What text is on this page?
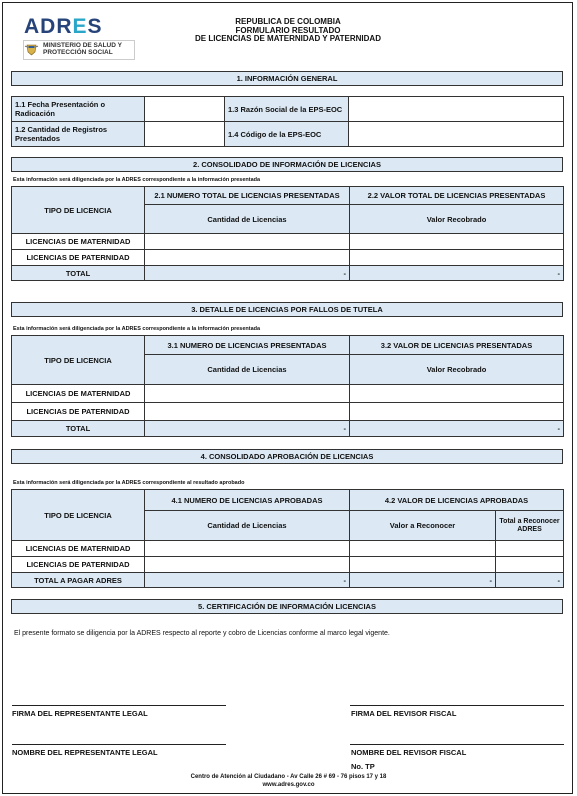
ADRES
MINISTERIO DE SALUD Y
PROTECCIÓN SOCIAL
REPUBLICA DE COLOMBIA
FORMULARIO RESULTADO
DE LICENCIAS DE MATERNIDAD Y PATERNIDAD
1. INFORMACIÓN GENERAL
1.1 Fecha Presentación o Radicación		1.3 Razón Social de la EPS-EOC	
1.2 Cantidad de Registros Presentados		1.4 Código de la EPS-EOC	
2. CONSOLIDADO DE INFORMACIÓN DE LICENCIAS
Esta información será diligenciada por la ADRES correspondiente a la información presentada
TIPO DE LICENCIA	2.1 NUMERO TOTAL DE LICENCIAS PRESENTADAS	2.2 VALOR TOTAL DE LICENCIAS PRESENTADAS
	Cantidad de Licencias	Valor Recobrado
LICENCIAS DE MATERNIDAD		
LICENCIAS DE PATERNIDAD		
TOTAL	-	-
3. DETALLE DE LICENCIAS POR FALLOS DE TUTELA
Esta información será diligenciada por la ADRES correspondiente a la información presentada
TIPO DE LICENCIA	3.1 NUMERO DE LICENCIAS PRESENTADAS	3.2 VALOR DE LICENCIAS PRESENTADAS
	Cantidad de Licencias	Valor Recobrado
LICENCIAS DE MATERNIDAD		
LICENCIAS DE PATERNIDAD		
TOTAL	-	-
4. CONSOLIDADO APROBACIÓN DE LICENCIAS
Esta información será diligenciada por la ADRES correspondiente al resultado aprobado
TIPO DE LICENCIA	4.1 NUMERO DE LICENCIAS APROBADAS	4.2 VALOR DE LICENCIAS APROBADAS	
	Cantidad de Licencias	Valor a Reconocer	Total a Reconocer ADRES
LICENCIAS DE MATERNIDAD			
LICENCIAS DE PATERNIDAD			
TOTAL A PAGAR ADRES	-	-	-
5. CERTIFICACIÓN DE INFORMACIÓN LICENCIAS
El presente formato se diligencia por la ADRES respecto al reporte y cobro de Licencias conforme al marco legal vigente.
FIRMA DEL REPRESENTANTE LEGAL	FIRMA DEL REVISOR FISCAL
NOMBRE DEL REPRESENTANTE LEGAL	NOMBRE DEL REVISOR FISCAL
No. TP
Centro de Atención al Ciudadano - Av Calle 26 # 69 - 76 pisos 17 y 18
www.adres.gov.co
